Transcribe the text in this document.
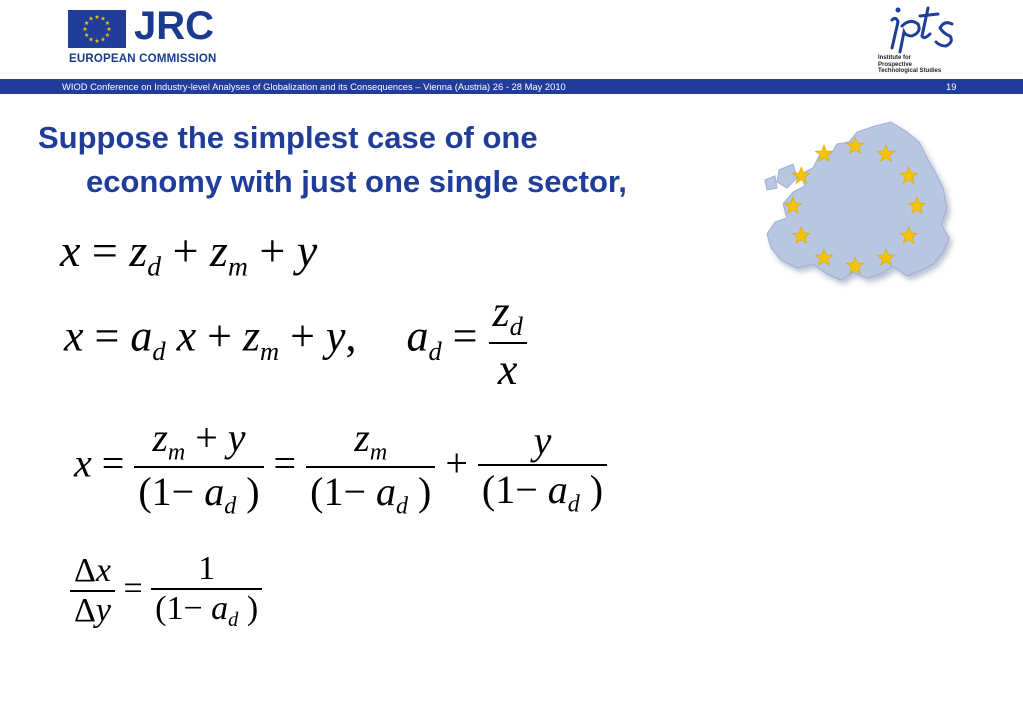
JRC
EUROPEAN COMMISSION	Institute for
Prospective
Technological Studies
WIOD Conference on Industry-level Analyses of Globalization and its Consequences – Vienna (Austria) 26 - 28 May 2010	19
Suppose the simplest case of one
economy with just one single sector,
$x = z_d + z_m + y$
$x = a_d$ $x + z_m + y$, $a_d = \frac{z_d}{x}$
$x = \frac{z_m + y}{(1- a_d )} = \frac{z_m}{(1- a_d )} + \frac{y}{(1- a_d )}$
$\frac{\Delta x}{\Delta y} = \frac{1}{(1- a_d )}$
